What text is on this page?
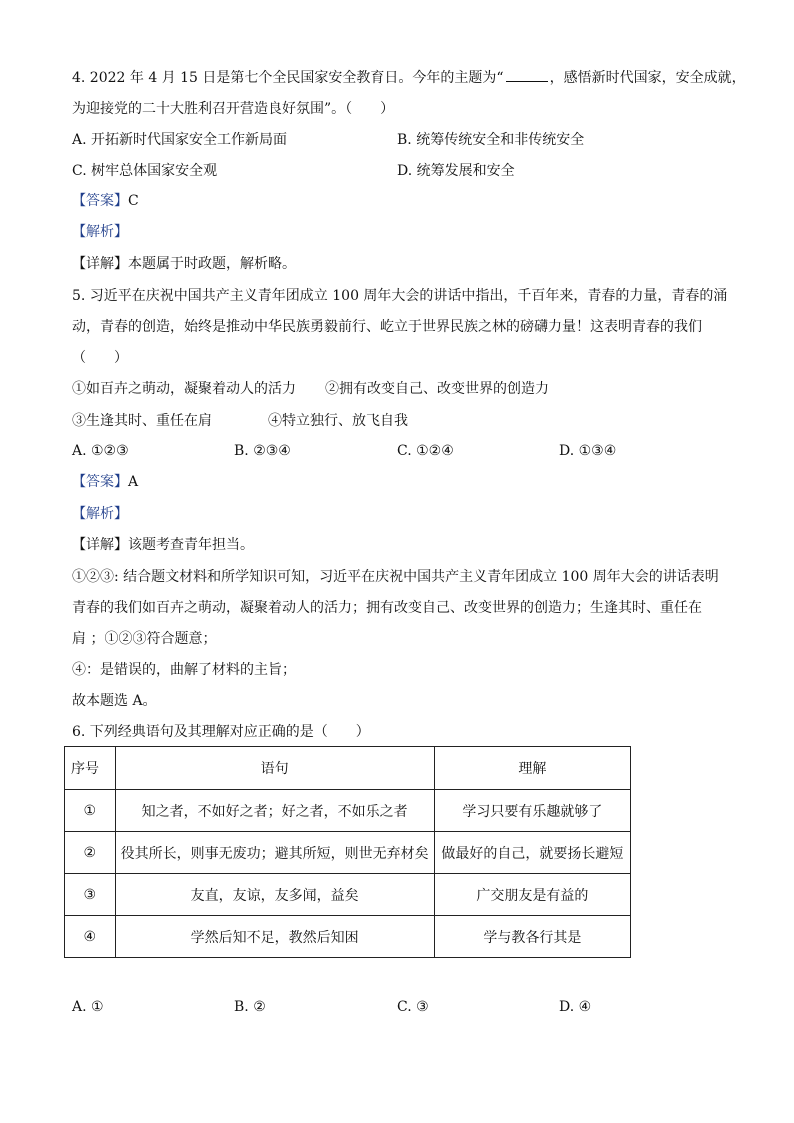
4. 2022 年 4 月 15 日是第七个全民国家安全教育日。今年的主题为“	，感悟新时代国家，安全成就，
为迎接党的二十大胜利召开营造良好氛围”。（　　）
A. 开拓新时代国家安全工作新局面	B. 统筹传统安全和非传统安全
C. 树牢总体国家安全观	D. 统筹发展和安全
【答案】C
【解析】
【详解】本题属于时政题，解析略。
5. 习近平在庆祝中国共产主义青年团成立 100 周年大会的讲话中指出，千百年来，青春的力量，青春的涌
动，青春的创造，始终是推动中华民族勇毅前行、屹立于世界民族之林的磅礴力量！这表明青春的我们
（　　）
①如百卉之萌动，凝聚着动人的活力 ②拥有改变自己、改变世界的创造力
③生逢其时、重任在肩	④特立独行、放飞自我
A. ①②③	B. ②③④	C. ①②④	D. ①③④
【答案】A
【解析】
【详解】该题考查青年担当。
①②③: 结合题文材料和所学知识可知，习近平在庆祝中国共产主义青年团成立 100 周年大会的讲话表明
青春的我们如百卉之萌动，凝聚着动人的活力；拥有改变自己、改变世界的创造力；生逢其时、重任在
肩 ；①②③符合题意；
④：是错误的，曲解了材料的主旨；
故本题选 A。
6. 下列经典语句及其理解对应正确的是（　　）
序号	语句	理解
①	知之者，不如好之者；好之者，不如乐之者	学习只要有乐趣就够了
②	役其所长，则事无废功；避其所短，则世无弃材矣	做最好的自己，就要扬长避短
③	友直，友谅，友多闻，益矣	广交朋友是有益的
④	学然后知不足，教然后知困	学与教各行其是
A. ①	B. ②	C. ③	D. ④
